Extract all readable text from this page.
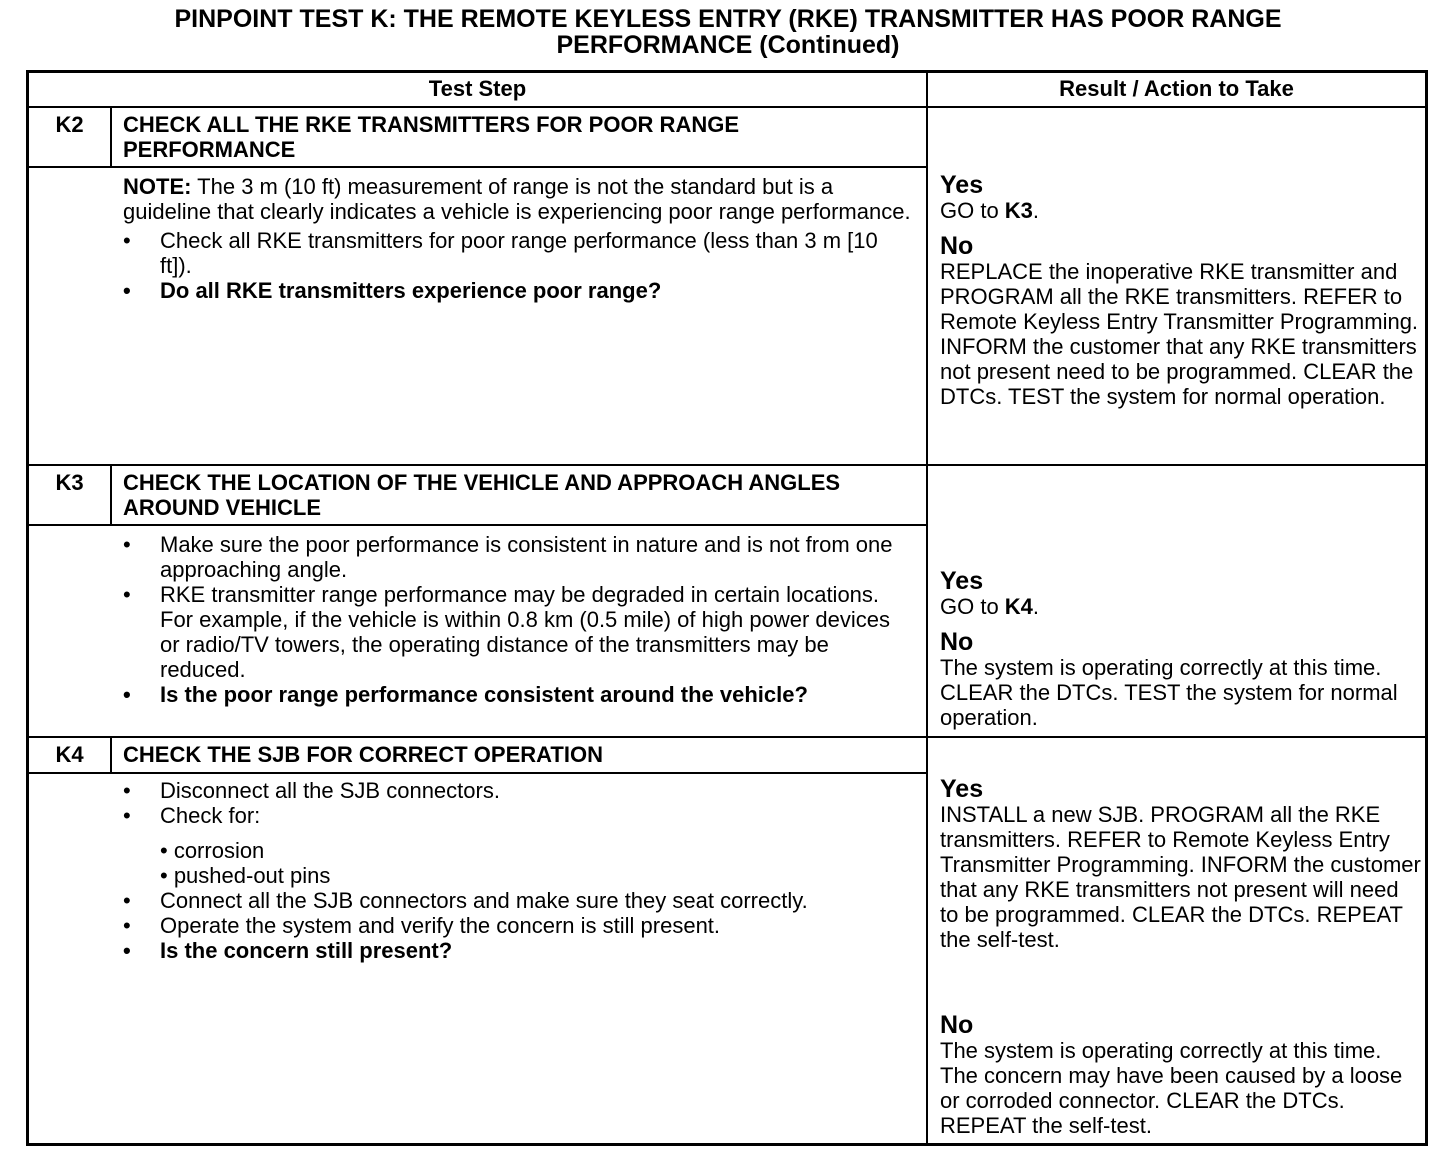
PINPOINT TEST K: THE REMOTE KEYLESS ENTRY (RKE) TRANSMITTER HAS POOR RANGE
PERFORMANCE (Continued)
Test Step	Result / Action to Take
K2	CHECK ALL THE RKE TRANSMITTERS FOR POOR RANGE PERFORMANCE
NOTE: The 3 m (10 ft) measurement of range is not the standard but is a guideline that clearly indicates a vehicle is experiencing poor range performance.
• Check all RKE transmitters for poor range performance (less than 3 m [10 ft]).
• Do all RKE transmitters experience poor range?
Yes
GO to K3.
No
REPLACE the inoperative RKE transmitter and PROGRAM all the RKE transmitters. REFER to Remote Keyless Entry Transmitter Programming. INFORM the customer that any RKE transmitters not present need to be programmed. CLEAR the DTCs. TEST the system for normal operation.
K3	CHECK THE LOCATION OF THE VEHICLE AND APPROACH ANGLES AROUND VEHICLE
• Make sure the poor performance is consistent in nature and is not from one approaching angle.
• RKE transmitter range performance may be degraded in certain locations. For example, if the vehicle is within 0.8 km (0.5 mile) of high power devices or radio/TV towers, the operating distance of the transmitters may be reduced.
• Is the poor range performance consistent around the vehicle?
Yes
GO to K4.
No
The system is operating correctly at this time. CLEAR the DTCs. TEST the system for normal operation.
K4	CHECK THE SJB FOR CORRECT OPERATION
• Disconnect all the SJB connectors.
• Check for:
• corrosion
• pushed-out pins
• Connect all the SJB connectors and make sure they seat correctly.
• Operate the system and verify the concern is still present.
• Is the concern still present?
Yes
INSTALL a new SJB. PROGRAM all the RKE transmitters. REFER to Remote Keyless Entry Transmitter Programming. INFORM the customer that any RKE transmitters not present will need to be programmed. CLEAR the DTCs. REPEAT the self-test.
No
The system is operating correctly at this time. The concern may have been caused by a loose or corroded connector. CLEAR the DTCs. REPEAT the self-test.
